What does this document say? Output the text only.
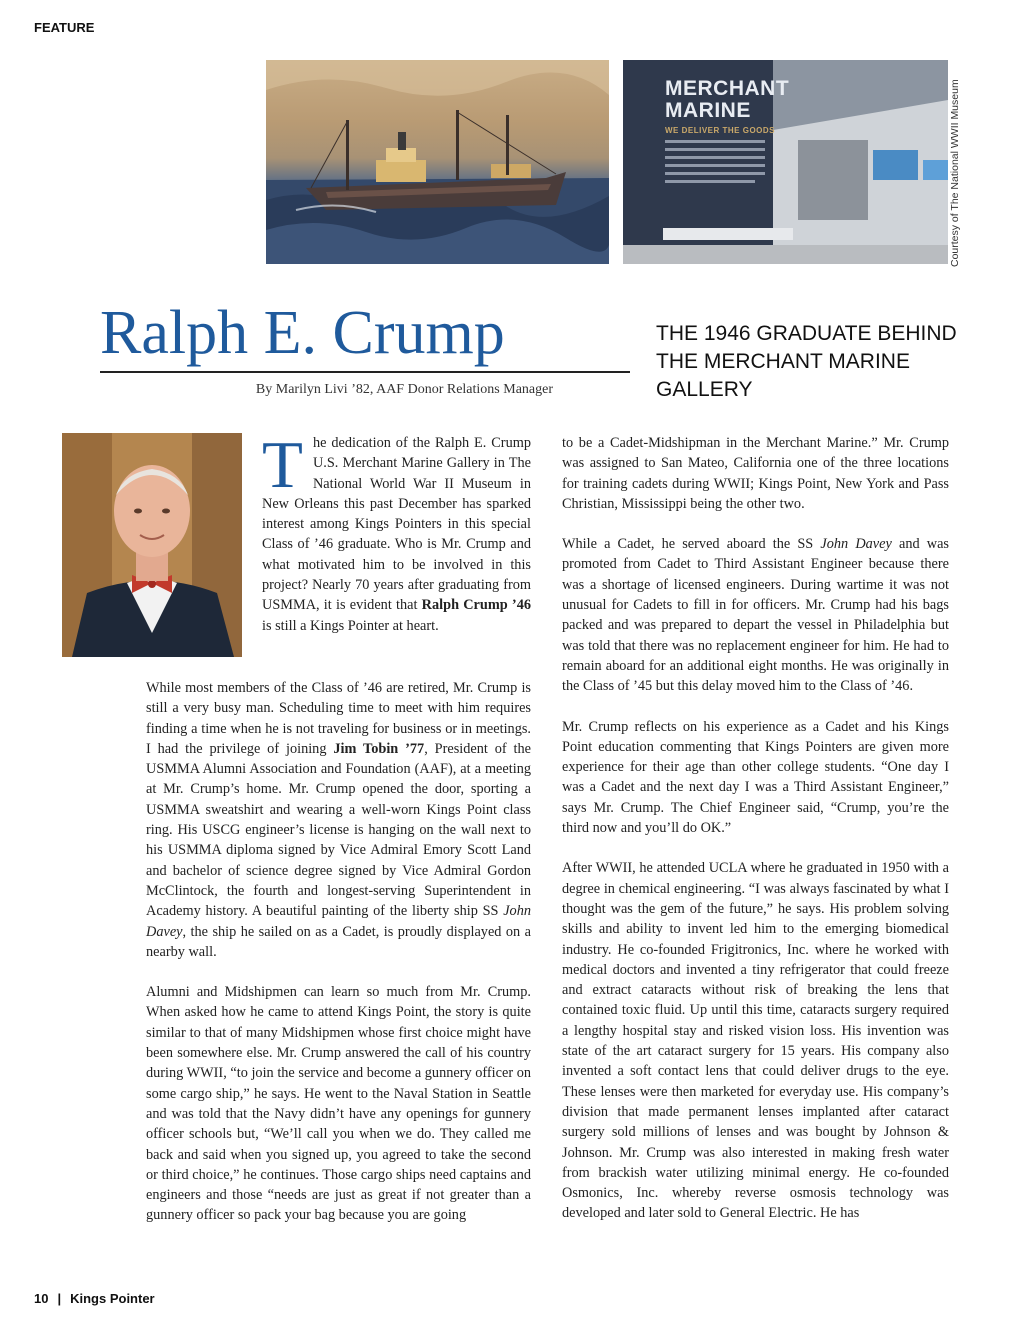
FEATURE
MERCHANT
MARINE
WE DELIVER THE GOODS	Courtesy of The National WWII Museum
Ralph E. Crump
By Marilyn Livi ’82, AAF Donor Relations Manager
THE 1946 GRADUATE BEHIND THE MERCHANT MARINE GALLERY

The dedication of the Ralph E. Crump U.S. Merchant Marine Gallery in The National World War II Museum in New Orleans this past December has sparked interest among Kings Pointers in this special Class of ’46 graduate. Who is Mr. Crump and what motivated him to be involved in this project? Nearly 70 years after graduating from USMMA, it is evident that Ralph Crump ’46 is still a Kings Pointer at heart.

While most members of the Class of ’46 are retired, Mr. Crump is still a very busy man. Scheduling time to meet with him requires finding a time when he is not traveling for business or in meetings. I had the privilege of joining Jim Tobin ’77, President of the USMMA Alumni Association and Foundation (AAF), at a meeting at Mr. Crump’s home. Mr. Crump opened the door, sporting a USMMA sweatshirt and wearing a well-worn Kings Point class ring. His USCG engineer’s license is hanging on the wall next to his USMMA diploma signed by Vice Admiral Emory Scott Land and bachelor of science degree signed by Vice Admiral Gordon McClintock, the fourth and longest-serving Superintendent in Academy history. A beautiful painting of the liberty ship SS John Davey, the ship he sailed on as a Cadet, is proudly displayed on a nearby wall.

Alumni and Midshipmen can learn so much from Mr. Crump. When asked how he came to attend Kings Point, the story is quite similar to that of many Midshipmen whose first choice might have been somewhere else. Mr. Crump answered the call of his country during WWII, “to join the service and become a gunnery officer on some cargo ship,” he says. He went to the Naval Station in Seattle and was told that the Navy didn’t have any openings for gunnery officer schools but, “We’ll call you when we do. They called me back and said when you signed up, you agreed to take the second or third choice,” he continues. Those cargo ships need captains and engineers and those “needs are just as great if not greater than a gunnery officer so pack your bag because you are going

to be a Cadet-Midshipman in the Merchant Marine.” Mr. Crump was assigned to San Mateo, California one of the three locations for training cadets during WWII; Kings Point, New York and Pass Christian, Mississippi being the other two.

While a Cadet, he served aboard the SS John Davey and was promoted from Cadet to Third Assistant Engineer because there was a shortage of licensed engineers. During wartime it was not unusual for Cadets to fill in for officers. Mr. Crump had his bags packed and was prepared to depart the vessel in Philadelphia but was told that there was no replacement engineer for him. He had to remain aboard for an additional eight months. He was originally in the Class of ’45 but this delay moved him to the Class of ’46.

Mr. Crump reflects on his experience as a Cadet and his Kings Point education commenting that Kings Pointers are given more experience for their age than other college students. “One day I was a Cadet and the next day I was a Third Assistant Engineer,” says Mr. Crump. The Chief Engineer said, “Crump, you’re the third now and you’ll do OK.”

After WWII, he attended UCLA where he graduated in 1950 with a degree in chemical engineering. “I was always fascinated by what I thought was the gem of the future,” he says. His problem solving skills and ability to invent led him to the emerging biomedical industry. He co-founded Frigitronics, Inc. where he worked with medical doctors and invented a tiny refrigerator that could freeze and extract cataracts without risk of breaking the lens that contained toxic fluid. Up until this time, cataracts surgery required a lengthy hospital stay and risked vision loss. His invention was state of the art cataract surgery for 15 years. His company also invented a soft contact lens that could deliver drugs to the eye. These lenses were then marketed for everyday use. His company’s division that made permanent lenses implanted after cataract surgery sold millions of lenses and was bought by Johnson & Johnson. Mr. Crump was also interested in making fresh water from brackish water utilizing minimal energy. He co-founded Osmonics, Inc. whereby reverse osmosis technology was developed and later sold to General Electric. He has

10 | Kings Pointer
